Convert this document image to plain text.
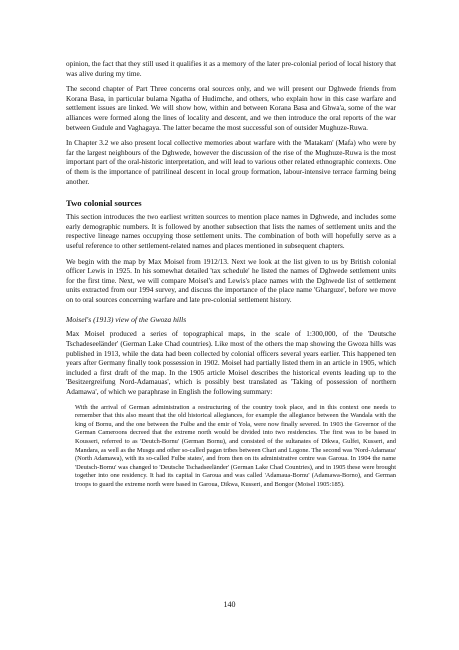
opinion, the fact that they still used it qualifies it as a memory of the later pre-colonial period of local history that was alive during my time.

The second chapter of Part Three concerns oral sources only, and we will present our Dghwede friends from Korana Basa, in particular bulama Ngatha of Hudimche, and others, who explain how in this case warfare and settlement issues are linked. We will show how, within and between Korana Basa and Ghwa'a, some of the war alliances were formed along the lines of locality and descent, and we then introduce the oral reports of the war between Gudule and Vaghagaya. The latter became the most successful son of outsider Mughuze-Ruwa.

In Chapter 3.2 we also present local collective memories about warfare with the 'Matakam' (Mafa) who were by far the largest neighbours of the Dghwede, however the discussion of the rise of the Mughuze-Ruwa is the most important part of the oral-historic interpretation, and will lead to various other related ethnographic contexts. One of them is the importance of patrilineal descent in local group formation, labour-intensive terrace farming being another.

Two colonial sources

This section introduces the two earliest written sources to mention place names in Dghwede, and includes some early demographic numbers. It is followed by another subsection that lists the names of settlement units and the respective lineage names occupying those settlement units. The combination of both will hopefully serve as a useful reference to other settlement-related names and places mentioned in subsequent chapters.

We begin with the map by Max Moisel from 1912/13. Next we look at the list given to us by British colonial officer Lewis in 1925. In his somewhat detailed 'tax schedule' he listed the names of Dghwede settlement units for the first time. Next, we will compare Moisel's and Lewis's place names with the Dghwede list of settlement units extracted from our 1994 survey, and discuss the importance of the place name 'Gharguze', before we move on to oral sources concerning warfare and late pre-colonial settlement history.

Moisel's (1913) view of the Gwoza hills

Max Moisel produced a series of topographical maps, in the scale of 1:300,000, of the 'Deutsche Tschadeseeländer' (German Lake Chad countries). Like most of the others the map showing the Gwoza hills was published in 1913, while the data had been collected by colonial officers several years earlier. This happened ten years after Germany finally took possession in 1902. Moisel had partially listed them in an article in 1905, which included a first draft of the map. In the 1905 article Moisel describes the historical events leading up to the 'Besitzergreifung Nord-Adamauas', which is possibly best translated as 'Taking of possession of northern Adamawa', of which we paraphrase in English the following summary:

With the arrival of German administration a restructuring of the country took place, and in this context one needs to remember that this also meant that the old historical allegiances, for example the allegiance between the Wandala with the king of Bornu, and the one between the Fulbe and the emir of Yola, were now finally severed. In 1903 the Governor of the German Cameroons decreed that the extreme north would be divided into two residencies. The first was to be based in Kousseri, referred to as 'Deutch-Bornu' (German Bornu), and consisted of the sultanates of Dikwa, Gulfei, Kusseri, and Mandara, as well as the Musgu and other so-called pagan tribes between Chari and Logone. The second was 'Nord-Adamaua' (North Adamawa), with its so-called Fulbe states', and from then on its administrative centre was Garoua. In 1904 the name 'Deutsch-Bornu' was changed to 'Deutsche Tschadseeländer' (German Lake Chad Countries), and in 1905 these were brought together into one residency. It had its capital in Garoua and was called 'Adamaua-Bornu' (Adamawa-Borno), and German troops to guard the extreme north were based in Garoua, Dikwa, Kusseri, and Bongor (Moisel 1905:185).
140
